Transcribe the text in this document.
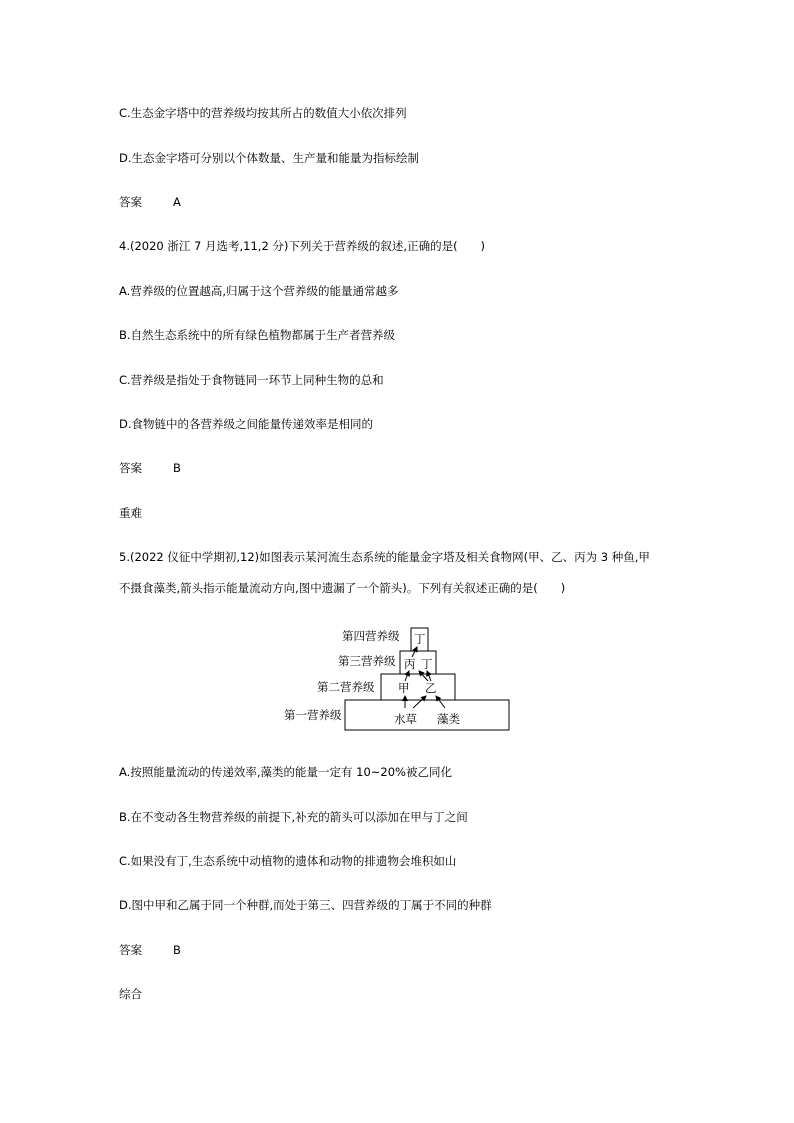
C.生态金字塔中的营养级均按其所占的数值大小依次排列
D.生态金字塔可分别以个体数量、生产量和能量为指标绘制
答案	A
4.(2020 浙江 7 月选考,11,2 分)下列关于营养级的叙述,正确的是(　　)
A.营养级的位置越高,归属于这个营养级的能量通常越多
B.自然生态系统中的所有绿色植物都属于生产者营养级
C.营养级是指处于食物链同一环节上同种生物的总和
D.食物链中的各营养级之间能量传递效率是相同的
答案	B
重难
5.(2022 仪征中学期初,12)如图表示某河流生态系统的能量金字塔及相关食物网(甲、乙、丙为 3 种鱼,甲
不摄食藻类,箭头指示能量流动方向,图中遗漏了一个箭头)。下列有关叙述正确的是(　　)
第四营养级
第三营养级
第二营养级
第一营养级
丁
丙 丁
甲 乙
水草 藻类
A.按照能量流动的传递效率,藻类的能量一定有 10~20%被乙同化
B.在不变动各生物营养级的前提下,补充的箭头可以添加在甲与丁之间
C.如果没有丁,生态系统中动植物的遗体和动物的排遗物会堆积如山
D.图中甲和乙属于同一个种群,而处于第三、四营养级的丁属于不同的种群
答案	B
综合
